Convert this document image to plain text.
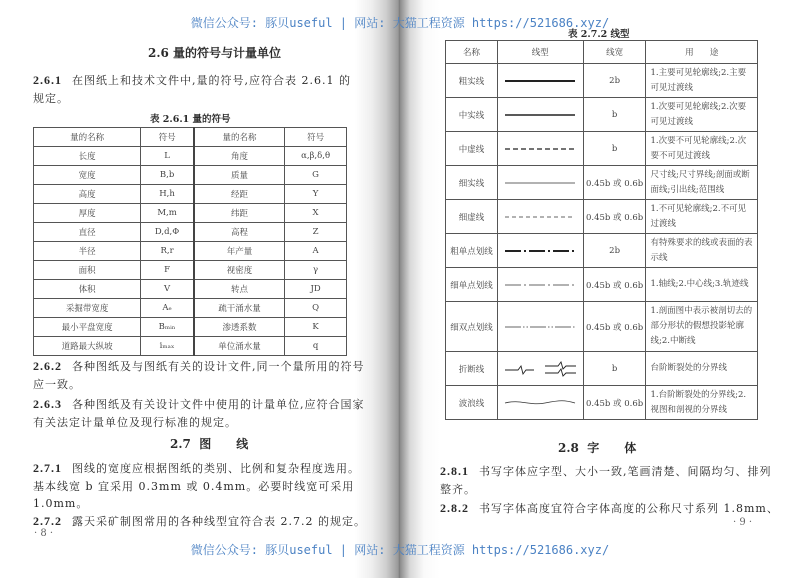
2.6 量的符号与计量单位
2.6.1 在图纸上和技术文件中,量的符号,应符合表 2.6.1 的
规定。
表 2.6.1 量的符号
量的名称	符号	量的名称	符号
长度	L	角度	α,β,δ,θ
宽度	B,b	质量	G
高度	H,h	经距	Y
厚度	M,m	纬距	X
直径	D,d,Φ	高程	Z
半径	R,r	年产量	A
面积	F	视密度	γ
体积	V	转点	JD
采掘带宽度	Aₑ	疏干涌水量	Q
最小平盘宽度	Bₘᵢₙ	渗透系数	K
道路最大纵坡	iₘₐₓ	单位涌水量	q
2.6.2 各种图纸及与图纸有关的设计文件,同一个量所用的符号
应一致。
2.6.3 各种图纸及有关设计文件中使用的计量单位,应符合国家
有关法定计量单位及现行标准的规定。
2.7  图      线
2.7.1 图线的宽度应根据图纸的类别、比例和复杂程度选用。
基本线宽 b 宜采用 0.3mm 或 0.4mm。必要时线宽可采用
1.0mm。
2.7.2 露天采矿制图常用的各种线型宜符合表 2.7.2 的规定。
· 8 ·
表 2.7.2 线型
名称	线型	线宽	用      途
粗实线		2b	1.主要可见轮廓线;2.主要可见过渡线
中实线		b	1.次要可见轮廓线;2.次要可见过渡线
中虚线		b	1.次要不可见轮廓线;2.次要不可见过渡线
细实线		0.45b 或 0.6b	尺寸线;尺寸界线;剖面或断面线;引出线;范围线
细虚线		0.45b 或 0.6b	1.不可见轮廓线;2.不可见过渡线
粗单点划线		2b	有特殊要求的线或表面的表示线
细单点划线		0.45b 或 0.6b	1.轴线;2.中心线;3.轨迹线
细双点划线		0.45b 或 0.6b	1.剖面图中表示被剖切去的部分形状的假想投影轮廓线;2.中断线
折断线		b	台阶断裂处的分界线
波浪线		0.45b 或 0.6b	1.台阶断裂处的分界线;2.视图和剖视的分界线
2.8  字      体
2.8.1 书写字体应字型、大小一致,笔画清楚、间隔均匀、排列
整齐。
2.8.2 书写字体高度宜符合字体高度的公称尺寸系列 1.8mm、
· 9 ·
微信公众号: 豚贝useful | 网站: 大猫工程资源 https://521686.xyz/
微信公众号: 豚贝useful | 网站: 大猫工程资源 https://521686.xyz/
